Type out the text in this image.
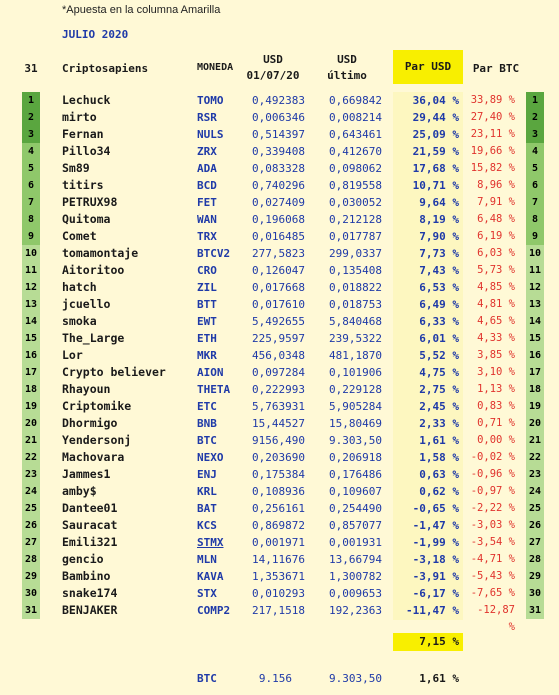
*Apuesta en la columna Amarilla
JULIO 2020
31 Criptosapiens	MONEDA
USD
01/07/20
USD
último
Par USD	Par BTC
1	Lechuck	TOMO	0,492383	0,669842	36,04 %	33,89 %	1
2	mirto	RSR	0,006346	0,008214	29,44 %	27,40 %	2
3	Fernan	NULS	0,514397	0,643461	25,09 %	23,11 %	3
4	Pillo34	ZRX	0,339408	0,412670	21,59 %	19,66 %	4
5	Sm89	ADA	0,083328	0,098062	17,68 %	15,82 %	5
6	titirs	BCD	0,740296	0,819558	10,71 %	8,96 %	6
7	PETRUX98	FET	0,027409	0,030052	9,64 %	7,91 %	7
8	Quitoma	WAN	0,196068	0,212128	8,19 %	6,48 %	8
9	Comet	TRX	0,016485	0,017787	7,90 %	6,19 %	9
10 tomamontaje	BTCV2	277,5823	299,0337	7,73 %	6,03 % 10
11 Aitoritoo	CRO	0,126047	0,135408	7,43 %	5,73 % 11
12 hatch	ZIL	0,017668	0,018822	6,53 %	4,85 % 12
13 jcuello	BTT	0,017610	0,018753	6,49 %	4,81 % 13
14 smoka	EWT	5,492655	5,840468	6,33 %	4,65 % 14
15 The_Large	ETH	225,9597	239,5322	6,01 %	4,33 % 15
16 Lor	MKR	456,0348	481,1870	5,52 %	3,85 % 16
17 Crypto believer	AION	0,097284	0,101906	4,75 %	3,10 % 17
18 Rhayoun	THETA	0,222993	0,229128	2,75 %	1,13 % 18
19 Criptomike	ETC	5,763931	5,905284	2,45 %	0,83 % 19
20 Dhormigo	BNB	15,44527	15,80469	2,33 %	0,71 % 20
21 Yendersonj	BTC	9156,490	9.303,50	1,61 %	0,00 % 21
22 Machovara	NEXO	0,203690	0,206918	1,58 %	-0,02 % 22
23 Jammes1	ENJ	0,175384	0,176486	0,63 %	-0,96 % 23
24 amby$	KRL	0,108936	0,109607	0,62 %	-0,97 % 24
25 Dantee01	BAT	0,256161	0,254490	-0,65 %	-2,22 % 25
26 Sauracat	KCS	0,869872	0,857077	-1,47 %	-3,03 % 26
27 Emili321	STMX	0,001971	0,001931	-1,99 %	-3,54 % 27
28 gencio	MLN	14,11676	13,66794	-3,18 %	-4,71 % 28
29 Bambino	KAVA	1,353671	1,300782	-3,91 %	-5,43 % 29
30 snake174	STX	0,010293	0,009653	-6,17 %	-7,65 % 30
31 BENJAKER	COMP2	217,1518	192,2363	-11,47 %	-12,87 %
31
7,15 %
BTC	9.156	9.303,50	1,61 %
